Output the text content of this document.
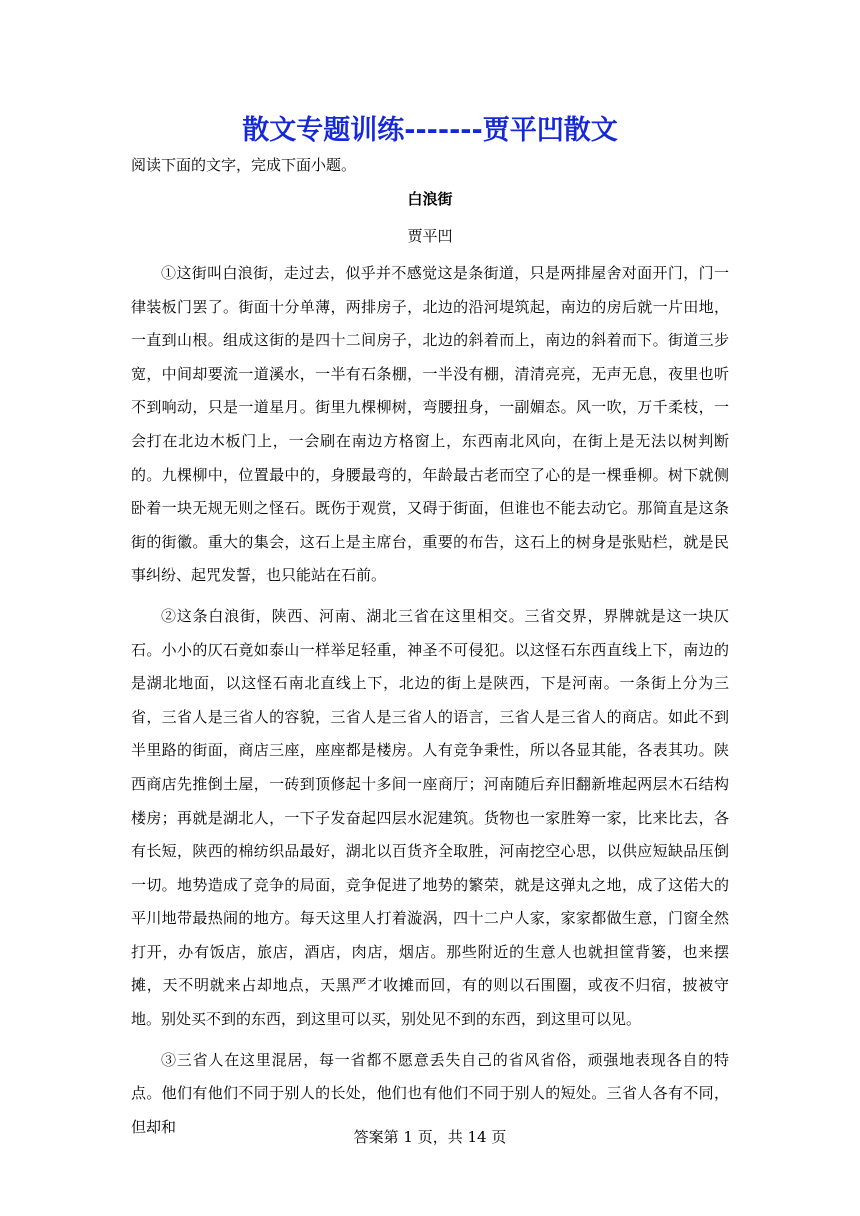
散文专题训练-------贾平凹散文
阅读下面的文字，完成下面小题。
白浪街
贾平凹

①这街叫白浪街，走过去，似乎并不感觉这是条街道，只是两排屋舍对面开门，门一律装板门罢了。街面十分单薄，两排房子，北边的沿河堤筑起，南边的房后就一片田地，一直到山根。组成这街的是四十二间房子，北边的斜着而上，南边的斜着而下。街道三步宽，中间却要流一道溪水，一半有石条棚，一半没有棚，清清亮亮，无声无息，夜里也听不到响动，只是一道星月。街里九棵柳树，弯腰扭身，一副媚态。风一吹，万千柔枝，一会打在北边木板门上，一会刷在南边方格窗上，东西南北风向，在街上是无法以树判断的。九棵柳中，位置最中的，身腰最弯的，年龄最古老而空了心的是一棵垂柳。树下就侧卧着一块无规无则之怪石。既伤于观赏，又碍于街面，但谁也不能去动它。那简直是这条街的街徽。重大的集会，这石上是主席台，重要的布告，这石上的树身是张贴栏，就是民事纠纷、起咒发誓，也只能站在石前。

②这条白浪街，陕西、河南、湖北三省在这里相交。三省交界，界牌就是这一块仄石。小小的仄石竟如泰山一样举足轻重，神圣不可侵犯。以这怪石东西直线上下，南边的是湖北地面，以这怪石南北直线上下，北边的街上是陕西，下是河南。一条街上分为三省，三省人是三省人的容貌，三省人是三省人的语言，三省人是三省人的商店。如此不到半里路的街面，商店三座，座座都是楼房。人有竞争秉性，所以各显其能，各表其功。陕西商店先推倒土屋，一砖到顶修起十多间一座商厅；河南随后弃旧翻新堆起两层木石结构楼房；再就是湖北人，一下子发奋起四层水泥建筑。货物也一家胜筹一家，比来比去，各有长短，陕西的棉纺织品最好，湖北以百货齐全取胜，河南挖空心思，以供应短缺品压倒一切。地势造成了竞争的局面，竞争促进了地势的繁荣，就是这弹丸之地，成了这偌大的平川地带最热闹的地方。每天这里人打着漩涡，四十二户人家，家家都做生意，门窗全然打开，办有饭店，旅店，酒店，肉店，烟店。那些附近的生意人也就担筐背篓，也来摆摊，天不明就来占却地点，天黑严才收摊而回，有的则以石围圈，或夜不归宿，披被守地。别处买不到的东西，到这里可以买，别处见不到的东西，到这里可以见。

③三省人在这里混居，每一省都不愿意丢失自己的省风省俗，顽强地表现各自的特点。他们有他们不同于别人的长处，他们也有他们不同于别人的短处。三省人各有不同，但却和

答案第 1 页，共 14 页
